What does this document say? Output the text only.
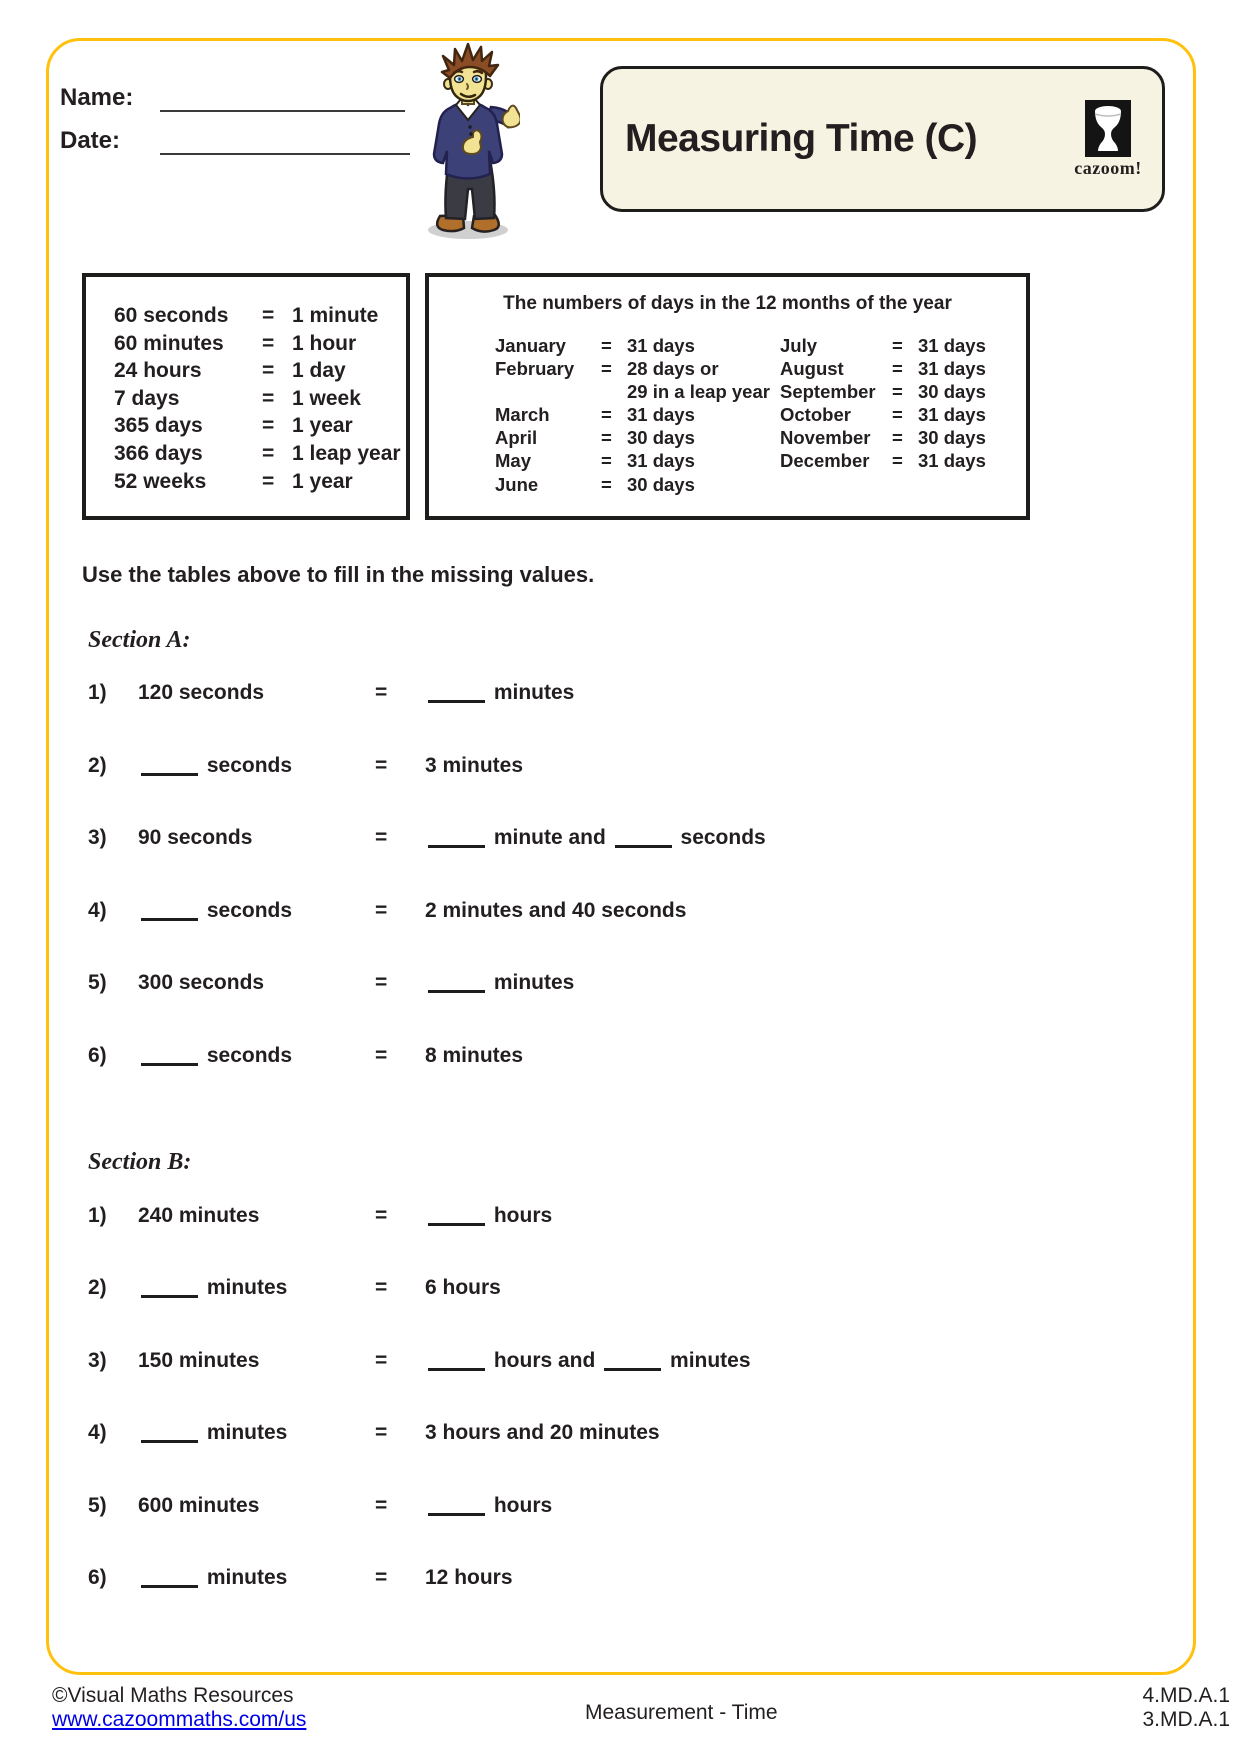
Name:
Date:	Measuring Time (C)
cazoom!
60 seconds	= 1 minute
60 minutes	= 1 hour
24 hours	= 1 day
7 days	= 1 week
365 days	= 1 year
366 days	= 1 leap year
52 weeks	= 1 year
The numbers of days in the 12 months of the year
January	= 31 days
February	= 28 days or
29 in a leap year
March	= 31 days
April	= 30 days
May	= 31 days
June	= 30 days
July	= 31 days
August	= 31 days
September = 30 days
October	= 31 days
November	= 30 days
December	= 31 days
Use the tables above to fill in the missing values.
Section A:
1)	120 seconds	=	minutes
2)	seconds	=	3 minutes
3)	90 seconds	=	minute and	seconds
4)	seconds	=	2 minutes and 40 seconds
5)	300 seconds	=	minutes
6)	seconds	=	8 minutes
Section B:
1)	240 minutes	=	hours
2)	minutes	=	6 hours
3)	150 minutes	=	hours and	minutes
4)	minutes	=	3 hours and 20 minutes
5)	600 minutes	=	hours
6)	minutes	=	12 hours
©Visual Maths Resources
www.cazoommaths.com/us	Measurement - Time
4.MD.A.1
3.MD.A.1
